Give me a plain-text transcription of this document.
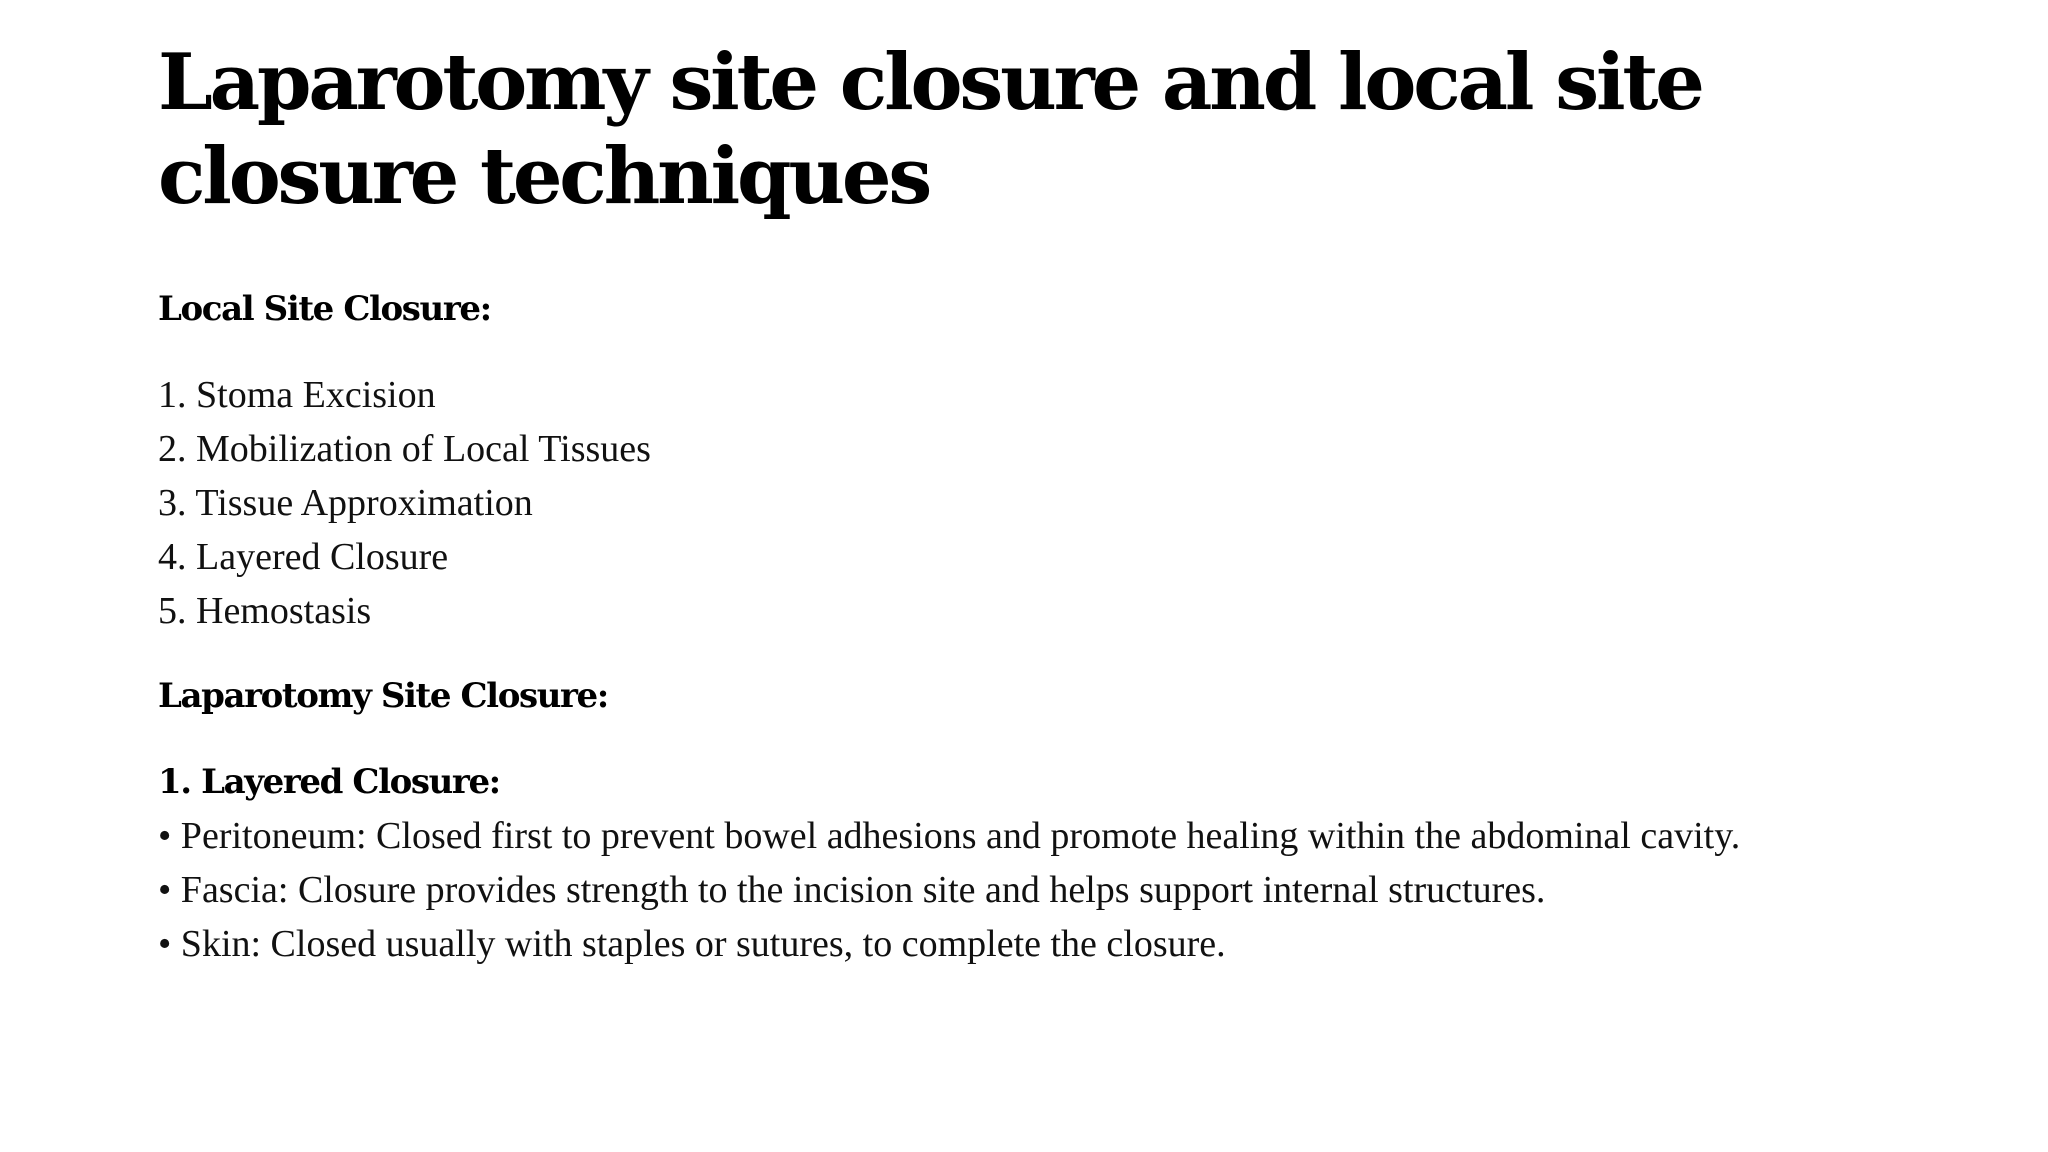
Laparotomy site closure and local site closure techniques
Local Site Closure:
1. Stoma Excision
2. Mobilization of Local Tissues
3. Tissue Approximation
4. Layered Closure
5. Hemostasis
Laparotomy Site Closure:
1. Layered Closure:
• Peritoneum: Closed first to prevent bowel adhesions and promote healing within the abdominal cavity.
• Fascia: Closure provides strength to the incision site and helps support internal structures.
• Skin: Closed usually with staples or sutures, to complete the closure.
